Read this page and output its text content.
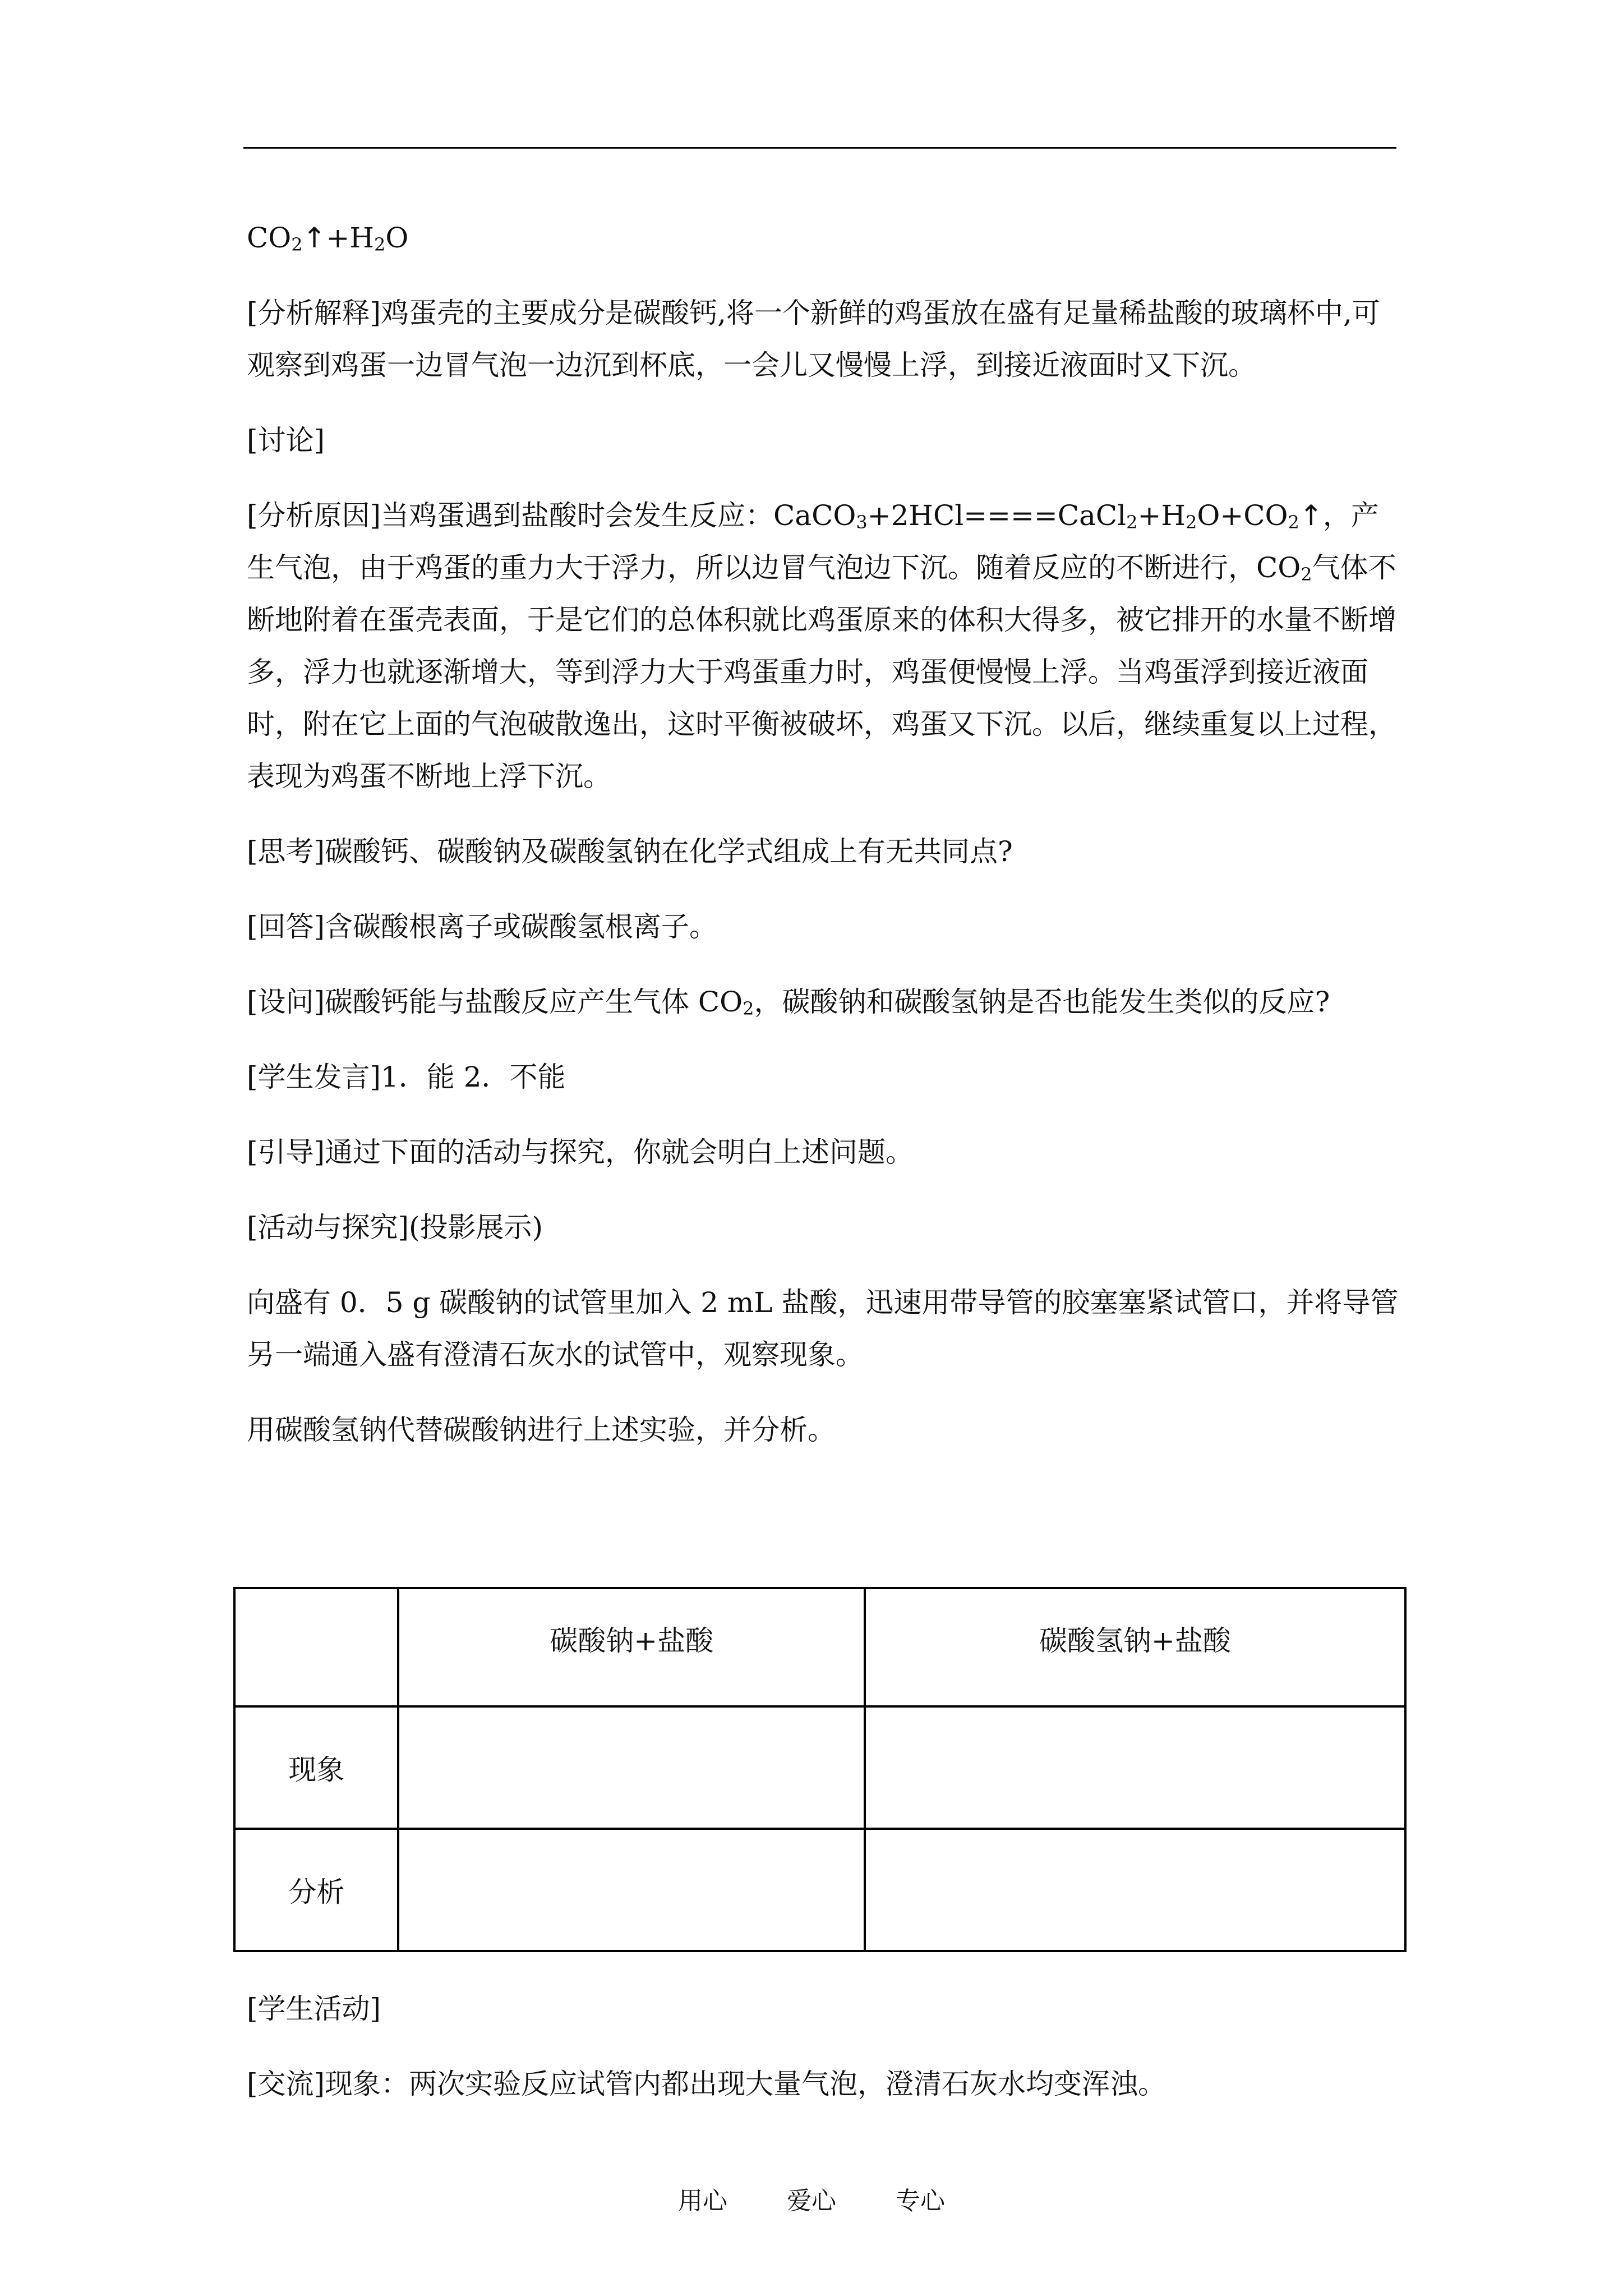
$CO_2↑+H_2O$

[分析解释]鸡蛋壳的主要成分是碳酸钙,将一个新鲜的鸡蛋放在盛有足量稀盐酸的玻璃杯中,可观察到鸡蛋一边冒气泡一边沉到杯底，一会儿又慢慢上浮，到接近液面时又下沉。

[讨论]

[分析原因]当鸡蛋遇到盐酸时会发生反应：$CaCO_3+2HCl====CaCl_2+H_2O+CO_2↑$，产生气泡，由于鸡蛋的重力大于浮力，所以边冒气泡边下沉。随着反应的不断进行，$CO_2$气体不断地附着在蛋壳表面，于是它们的总体积就比鸡蛋原来的体积大得多，被它排开的水量不断增多，浮力也就逐渐增大，等到浮力大于鸡蛋重力时，鸡蛋便慢慢上浮。当鸡蛋浮到接近液面时，附在它上面的气泡破散逸出，这时平衡被破坏，鸡蛋又下沉。以后，继续重复以上过程，表现为鸡蛋不断地上浮下沉。

[思考]碳酸钙、碳酸钠及碳酸氢钠在化学式组成上有无共同点?

[回答]含碳酸根离子或碳酸氢根离子。

[设问]碳酸钙能与盐酸反应产生气体 $CO_2$，碳酸钠和碳酸氢钠是否也能发生类似的反应?

[学生发言]1．能 2．不能

[引导]通过下面的活动与探究，你就会明白上述问题。

[活动与探究](投影展示)

向盛有 0．5 g 碳酸钠的试管里加入 2 mL 盐酸，迅速用带导管的胶塞塞紧试管口，并将导管另一端通入盛有澄清石灰水的试管中，观察现象。

用碳酸氢钠代替碳酸钠进行上述实验，并分析。

	碳酸钠+盐酸	碳酸氢钠+盐酸
现象		
分析		

[学生活动]

[交流]现象：两次实验反应试管内都出现大量气泡，澄清石灰水均变浑浊。

用心 爱心 专心
